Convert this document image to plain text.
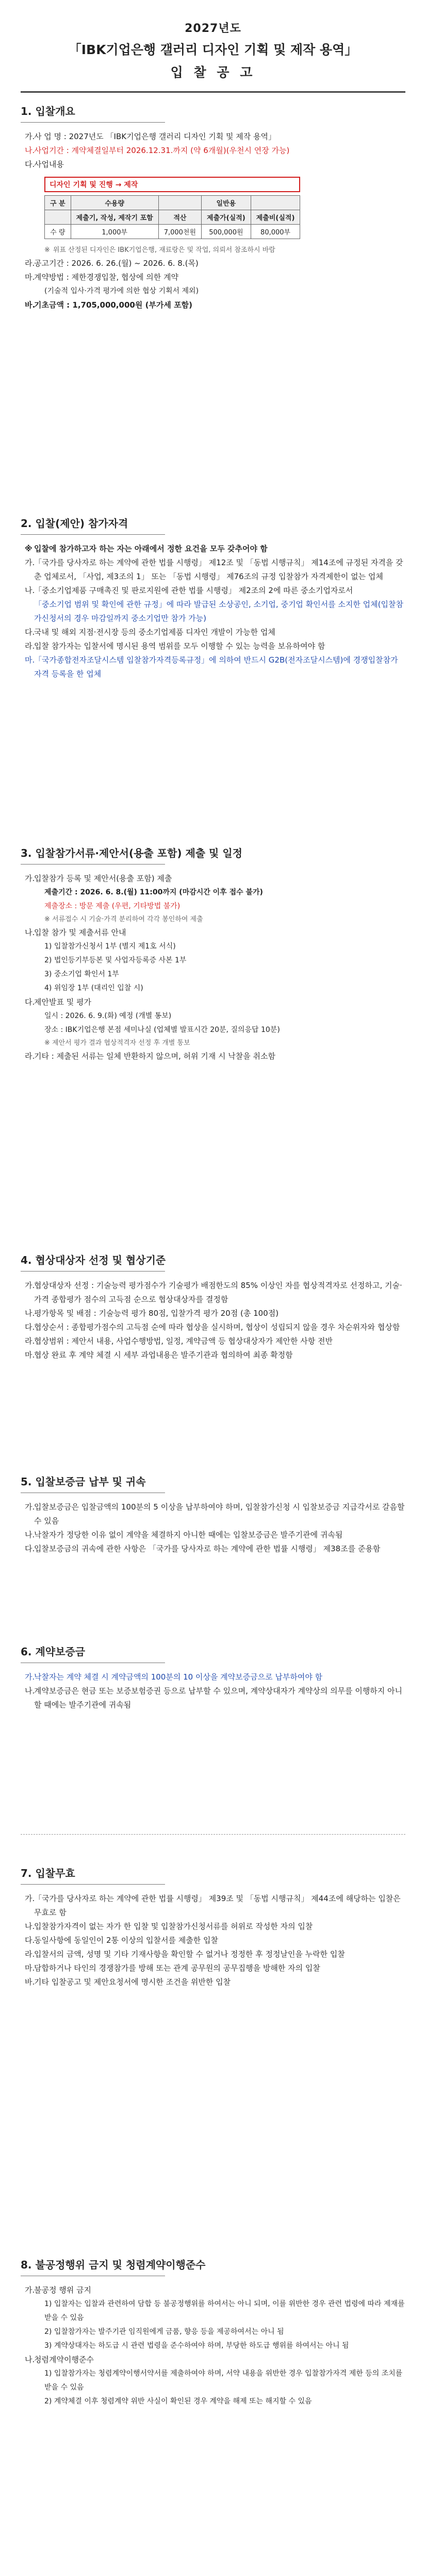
2027년도
「IBK기업은행 갤러리 디자인 기획 및 제작 용역」
입 찰 공 고
1. 입찰개요

가.
사 업 명 : 2027년도 「IBK기업은행 갤러리 디자인 기획 및 제작 용역」

나.
사업기간 : 계약체결일부터 2026.12.31.까지 (약 6개월)(우천시 연장 가능)

다.
사업내용

디자인 기획 및 진행 → 제작
구 분	수용량		일반용	
	제출기, 작성, 제작기 포함	적산	제출가(실적)	제출비(실적)
수 량	1,000부	7,000천원	500,000원	80,000부

※ 위표 산정된 디자인은 IBK기업은행, 재료랑은 및 작업, 의뢰서 참조하시 바람

라.
공고기간 : 2026. 6. 26.(월) ~ 2026. 6. 8.(목)

마.
계약방법 : 제한경쟁입찰, 협상에 의한 계약

(기술적 입사·가격 평가에 의한 협상 기획서 제외)

바.
기초금액 : 1,705,000,000원 (부가세 포함)

2. 입찰(제안) 참가자격

※ 입찰에 참가하고자 하는 자는 아래에서 정한 요건을 모두 갖추어야 함

가.
「국가를 당사자로 하는 계약에 관한 법률 시행령」 제12조 및 「동법 시행규칙」 제14조에 규정된 자격을 갖춘 업체로서, 「사업, 제3조의 1」 또는 「동법 시행령」 제76조의 규정 입찰참가 자격제한이 없는 업체

나.
「중소기업제품 구매촉진 및 판로지원에 관한 법률 시행령」 제2조의 2에 따른 중소기업자로서

「중소기업 범위 및 확인에 관한 규정」에 따라 발급된 소상공인, 소기업, 중기업 확인서를 소지한 업체(입찰참가신청서의 경우 마감일까지 중소기업만 참가 가능)

다.
국내 및 해외 지점·전시장 등의 중소기업제품 디자인 개발이 가능한 업체

라.
입찰 참가자는 입찰서에 명시된 용역 범위를 모두 이행할 수 있는 능력을 보유하여야 함

마.
「국가종합전자조달시스템 입찰참가자격등록규정」에 의하여 반드시 G2B(전자조달시스템)에 경쟁입찰참가자격 등록을 한 업체

3. 입찰참가서류·제안서(용출 포함) 제출 및 일정

가.
입찰참가 등록 및 제안서(용출 포함) 제출

제출기간 : 2026. 6. 8.(월) 11:00까지 (마감시간 이후 접수 불가)

제출장소 : 방문 제출 (우편, 기타방법 불가)

※ 서류접수 시 기술·가격 분리하여 각각 봉인하여 제출

나.
입찰 참가 및 제출서류 안내

1) 입찰참가신청서 1부 (별지 제1호 서식)

2) 법인등기부등본 및 사업자등록증 사본 1부

3) 중소기업 확인서 1부

4) 위임장 1부 (대리인 입찰 시)

다.
제안발표 및 평가

일시 : 2026. 6. 9.(화) 예정 (개별 통보)

장소 : IBK기업은행 본점 세미나실 (업체별 발표시간 20분, 질의응답 10분)

※ 제안서 평가 결과 협상적격자 선정 후 개별 통보

라.
기타 : 제출된 서류는 일체 반환하지 않으며, 허위 기재 시 낙찰을 취소함

4. 협상대상자 선정 및 협상기준

가.
협상대상자 선정 : 기술능력 평가점수가 기술평가 배점한도의 85% 이상인 자를 협상적격자로 선정하고, 기술·가격 종합평가 점수의 고득점 순으로 협상대상자를 결정함

나.
평가항목 및 배점 : 기술능력 평가 80점, 입찰가격 평가 20점 (총 100점)

다.
협상순서 : 종합평가점수의 고득점 순에 따라 협상을 실시하며, 협상이 성립되지 않을 경우 차순위자와 협상함

라.
협상범위 : 제안서 내용, 사업수행방법, 일정, 계약금액 등 협상대상자가 제안한 사항 전반

마.
협상 완료 후 계약 체결 시 세부 과업내용은 발주기관과 협의하여 최종 확정함

5. 입찰보증금 납부 및 귀속

가.
입찰보증금은 입찰금액의 100분의 5 이상을 납부하여야 하며, 입찰참가신청 시 입찰보증금 지급각서로 갈음할 수 있음

나.
낙찰자가 정당한 이유 없이 계약을 체결하지 아니한 때에는 입찰보증금은 발주기관에 귀속됨

다.
입찰보증금의 귀속에 관한 사항은 「국가를 당사자로 하는 계약에 관한 법률 시행령」 제38조를 준용함

6. 계약보증금

가.
낙찰자는 계약 체결 시 계약금액의 100분의 10 이상을 계약보증금으로 납부하여야 함

나.
계약보증금은 현금 또는 보증보험증권 등으로 납부할 수 있으며, 계약상대자가 계약상의 의무를 이행하지 아니할 때에는 발주기관에 귀속됨

7. 입찰무효

가.
「국가를 당사자로 하는 계약에 관한 법률 시행령」 제39조 및 「동법 시행규칙」 제44조에 해당하는 입찰은 무효로 함

나.
입찰참가자격이 없는 자가 한 입찰 및 입찰참가신청서류를 허위로 작성한 자의 입찰

다.
동일사항에 동일인이 2통 이상의 입찰서를 제출한 입찰

라.
입찰서의 금액, 성명 및 기타 기재사항을 확인할 수 없거나 정정한 후 정정날인을 누락한 입찰

마.
담합하거나 타인의 경쟁참가를 방해 또는 관계 공무원의 공무집행을 방해한 자의 입찰

바.
기타 입찰공고 및 제안요청서에 명시한 조건을 위반한 입찰

8. 불공정행위 금지 및 청렴계약이행준수

가.
불공정 행위 금지

1) 입찰자는 입찰과 관련하여 담합 등 불공정행위를 하여서는 아니 되며, 이를 위반한 경우 관련 법령에 따라 제재를 받을 수 있음

2) 입찰참가자는 발주기관 임직원에게 금품, 향응 등을 제공하여서는 아니 됨

3) 계약상대자는 하도급 시 관련 법령을 준수하여야 하며, 부당한 하도급 행위를 하여서는 아니 됨

나.
청렴계약이행준수

1) 입찰참가자는 청렴계약이행서약서를 제출하여야 하며, 서약 내용을 위반한 경우 입찰참가자격 제한 등의 조치를 받을 수 있음

2) 계약체결 이후 청렴계약 위반 사실이 확인된 경우 계약을 해제 또는 해지할 수 있음
